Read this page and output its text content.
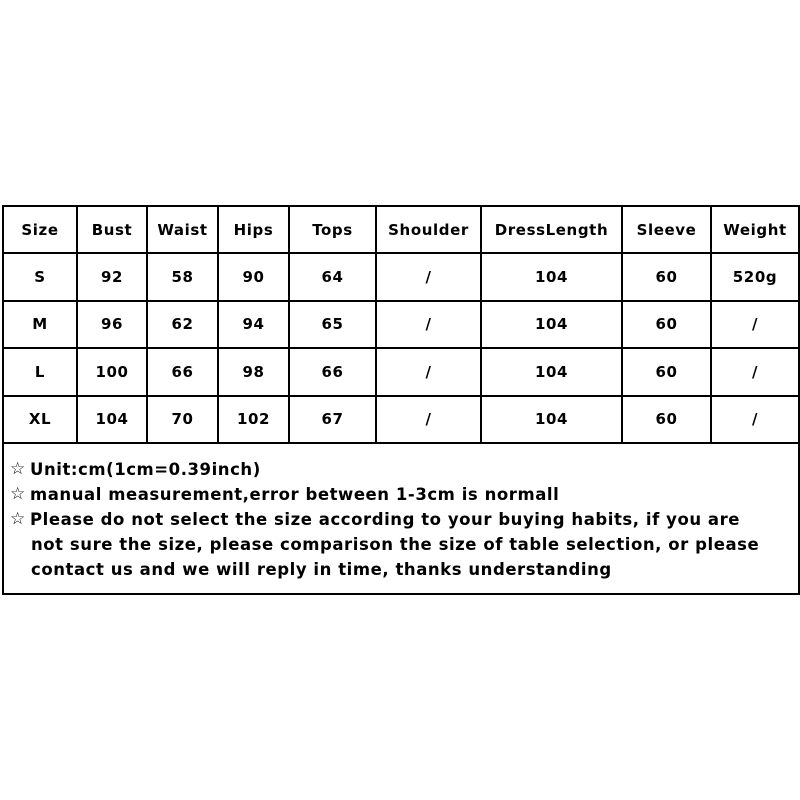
Size	Bust	Waist	Hips	Tops	Shoulder	DressLength	Sleeve	Weight
S	92	58	90	64	/	104	60	520g
M	96	62	94	65	/	104	60	/
L	100	66	98	66	/	104	60	/
XL	104	70	102	67	/	104	60	/
☆ Unit:cm(1cm=0.39inch)
☆ manual measurement,error between 1-3cm is normall
☆ Please do not select the size according to your buying habits, if you are
not sure the size, please comparison the size of table selection, or please
contact us and we will reply in time, thanks understanding
